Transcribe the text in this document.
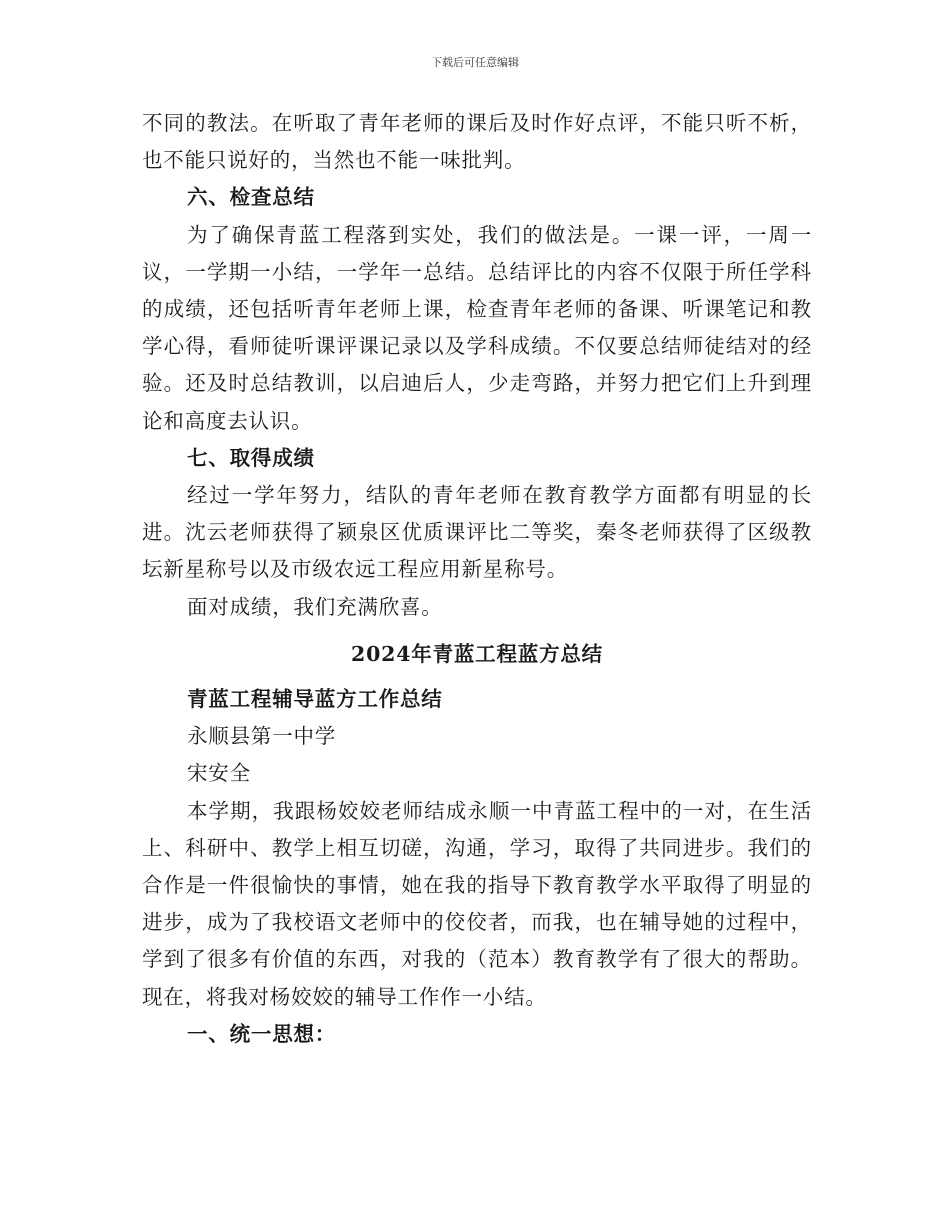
下载后可任意编辑

不同的教法。在听取了青年老师的课后及时作好点评，不能只听不析，也不能只说好的，当然也不能一味批判。

六、检查总结

为了确保青蓝工程落到实处，我们的做法是。一课一评，一周一议，一学期一小结，一学年一总结。总结评比的内容不仅限于所任学科的成绩，还包括听青年老师上课，检查青年老师的备课、听课笔记和教学心得，看师徒听课评课记录以及学科成绩。不仅要总结师徒结对的经验。还及时总结教训，以启迪后人，少走弯路，并努力把它们上升到理论和高度去认识。

七、取得成绩

经过一学年努力，结队的青年老师在教育教学方面都有明显的长进。沈云老师获得了颍泉区优质课评比二等奖，秦冬老师获得了区级教坛新星称号以及市级农远工程应用新星称号。

面对成绩，我们充满欣喜。

2024年青蓝工程蓝方总结

青蓝工程辅导蓝方工作总结

永顺县第一中学

宋安全

本学期，我跟杨姣姣老师结成永顺一中青蓝工程中的一对，在生活上、科研中、教学上相互切磋，沟通，学习，取得了共同进步。我们的合作是一件很愉快的事情，她在我的指导下教育教学水平取得了明显的进步，成为了我校语文老师中的佼佼者，而我，也在辅导她的过程中，学到了很多有价值的东西，对我的（范本）教育教学有了很大的帮助。现在，将我对杨姣姣的辅导工作作一小结。

一、统一思想：
